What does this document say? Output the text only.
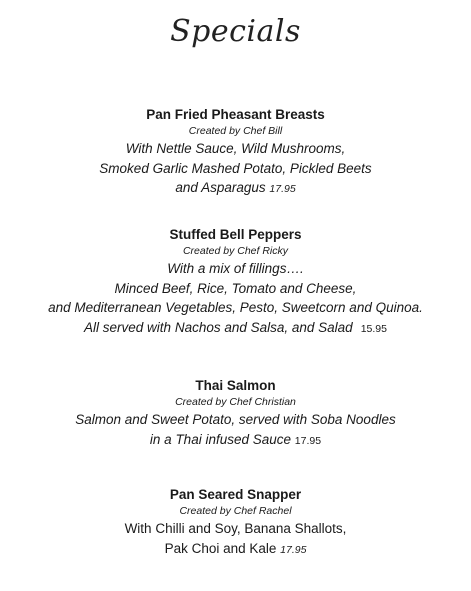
Specials
Pan Fried Pheasant Breasts
Created by Chef Bill
With Nettle Sauce, Wild Mushrooms,
Smoked Garlic Mashed Potato, Pickled Beets
and Asparagus 17.95
Stuffed Bell Peppers
Created by Chef Ricky
With a mix of fillings….
Minced Beef, Rice, Tomato and Cheese,
and Mediterranean Vegetables, Pesto, Sweetcorn and Quinoa.
All served with Nachos and Salsa, and Salad 15.95
Thai Salmon
Created by Chef Christian
Salmon and Sweet Potato, served with Soba Noodles
in a Thai infused Sauce 17.95
Pan Seared Snapper
Created by Chef Rachel
With Chilli and Soy, Banana Shallots,
Pak Choi and Kale 17.95
